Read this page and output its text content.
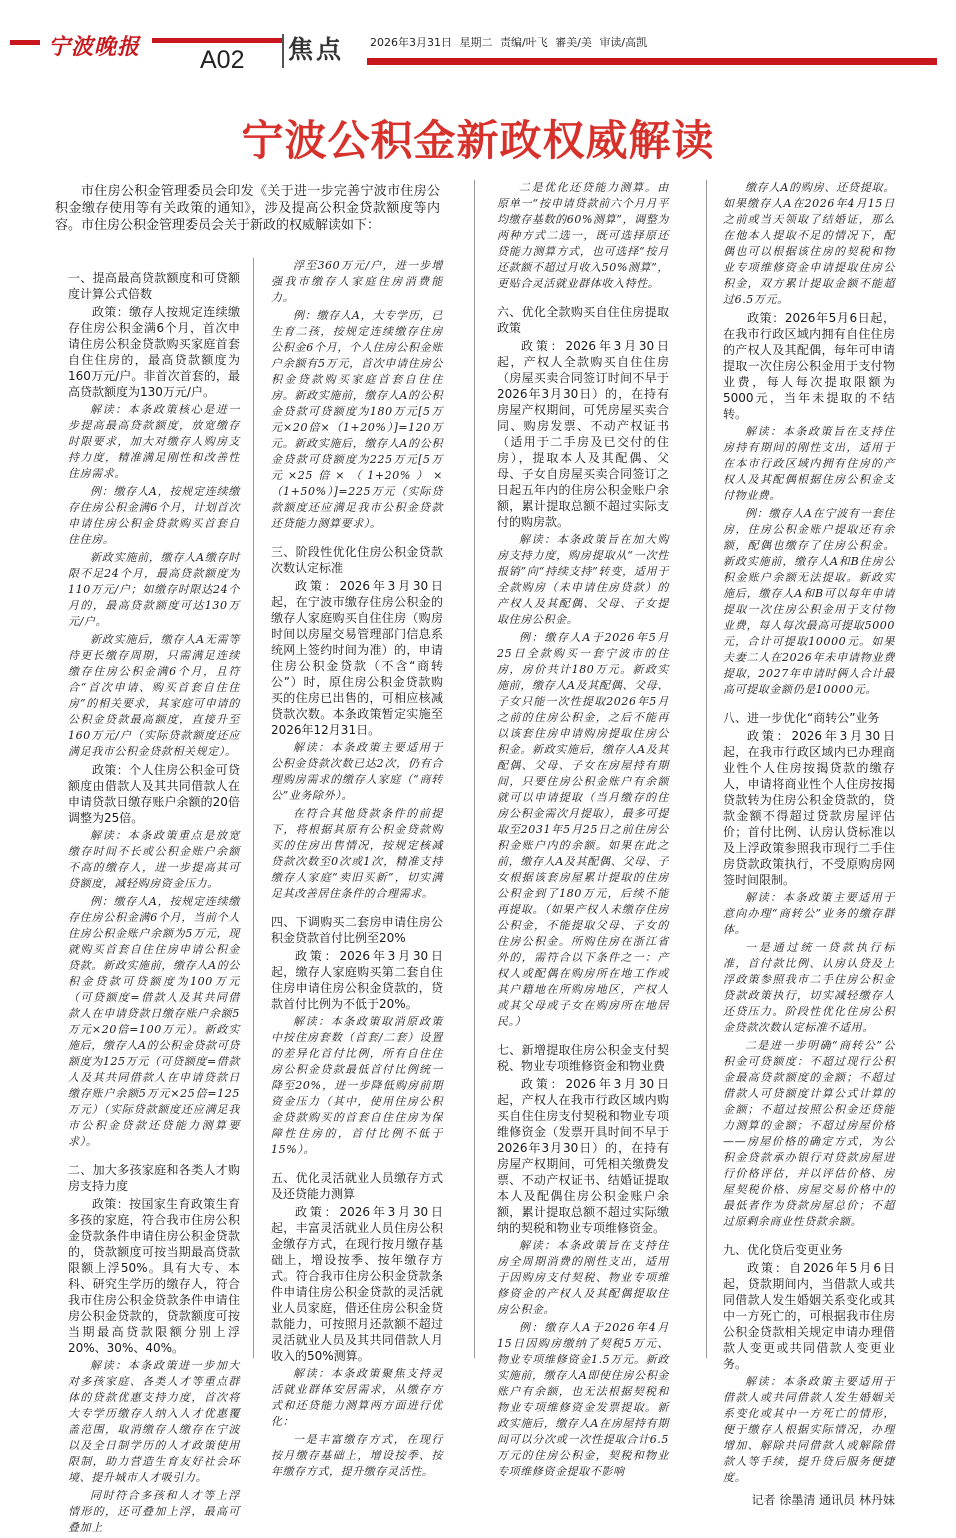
宁波晚报 A02 焦点 2026年3月31日 星期二 责编/叶飞 審美/美 审读/高凯
宁波公积金新政权威解读
市住房公积金管理委员会印发《关于进一步完善宁波市住房公积金缴存使用等有关政策的通知》，涉及提高公积金贷款额度等内容。市住房公积金管理委员会关于新政的权威解读如下：

一、提高最高贷款额度和可贷额度计算公式倍数

政策：缴存人按规定连续缴存住房公积金满6个月，首次申请住房公积金贷款购买家庭首套自住住房的，最高贷款额度为160万元/户。非首次首套的，最高贷款额度为130万元/户。

解读：本条政策核心是进一步提高最高贷款额度，放宽缴存时限要求，加大对缴存人购房支持力度，精准满足刚性和改善性住房需求。

例：缴存人A，按规定连续缴存住房公积金满6个月，计划首次申请住房公积金贷款购买首套自住住房。

新政实施前，缴存人A缴存时限不足24个月，最高贷款额度为110万元/户；如缴存时限达24个月的，最高贷款额度可达130万元/户。

新政实施后，缴存人A无需等待更长缴存周期，只需满足连续缴存住房公积金满6个月，且符合“首次申请、购买首套自住住房”的相关要求，其家庭可申请的公积金贷款最高额度，直接升至160万元/户（实际贷款额度还应满足我市公积金贷款相关规定）。

政策：个人住房公积金可贷额度由借款人及其共同借款人在申请贷款日缴存账户余额的20倍调整为25倍。

解读：本条政策重点是放宽缴存时间不长或公积金账户余额不高的缴存人，进一步提高其可贷额度，减轻购房资金压力。

例：缴存人A，按规定连续缴存住房公积金满6个月，当前个人住房公积金账户余额为5万元，现就购买首套自住住房申请公积金贷款。新政实施前，缴存人A的公积金贷款可贷额度为100万元（可贷额度=借款人及其共同借款人在申请贷款日缴存账户余额5万元×20倍=100万元）。新政实施后，缴存人A的公积金贷款可贷额度为125万元（可贷额度=借款人及其共同借款人在申请贷款日缴存账户余额5万元×25倍=125万元）（实际贷款额度还应满足我市公积金贷款还贷能力测算要求）。

二、加大多孩家庭和各类人才购房支持力度

政策：按国家生育政策生育多孩的家庭，符合我市住房公积金贷款条件申请住房公积金贷款的，贷款额度可按当期最高贷款限额上浮50%。具有大专、本科、研究生学历的缴存人，符合我市住房公积金贷款条件申请住房公积金贷款的，贷款额度可按当期最高贷款限额分别上浮20%、30%、40%。

解读：本条政策进一步加大对多孩家庭、各类人才等重点群体的贷款优惠支持力度，首次将大专学历缴存人纳入人才优惠覆盖范围，取消缴存人缴存在宁波以及全日制学历的人才政策使用限制，助力营造生育友好社会环境、提升城市人才吸引力。

同时符合多孩和人才等上浮情形的，还可叠加上浮，最高可叠加上

浮至360万元/户，进一步增强我市缴存人家庭住房消费能力。

例：缴存人A，大专学历，已生育二孩，按规定连续缴存住房公积金6个月，个人住房公积金账户余额有5万元，首次申请住房公积金贷款购买家庭首套自住住房。新政实施前，缴存人A的公积金贷款可贷额度为180万元[5万元×20倍×（1+20%）]=120万元。新政实施后，缴存人A的公积金贷款可贷额度为225万元[5万元×25倍×（1+20%）×（1+50%）]=225万元（实际贷款额度还应满足我市公积金贷款还贷能力测算要求）。

三、阶段性优化住房公积金贷款次数认定标准

政策：2026年3月30日起，在宁波市缴存住房公积金的缴存人家庭购买自住住房（购房时间以房屋交易管理部门信息系统网上签约时间为准）的，申请住房公积金贷款（不含“商转公”）时，原住房公积金贷款购买的住房已出售的，可相应核减贷款次数。本条政策暂定实施至2026年12月31日。

解读：本条政策主要适用于公积金贷款次数已达2次，仍有合理购房需求的缴存人家庭（“商转公”业务除外）。

在符合其他贷款条件的前提下，将根据其原有公积金贷款购买的住房出售情况，按规定核减贷款次数至0次或1次，精准支持缴存人家庭“卖旧买新”，切实满足其改善居住条件的合理需求。

四、下调购买二套房申请住房公积金贷款首付比例至20%

政策：2026年3月30日起，缴存人家庭购买第二套自住住房申请住房公积金贷款的，贷款首付比例为不低于20%。

解读：本条政策取消原政策中按住房套数（首套/二套）设置的差异化首付比例，所有自住住房公积金贷款最低首付比例统一降至20%，进一步降低购房前期资金压力（其中，使用住房公积金贷款购买的首套自住住房为保障性住房的，首付比例不低于15%）。

五、优化灵活就业人员缴存方式及还贷能力测算

政策：2026年3月30日起，丰富灵活就业人员住房公积金缴存方式，在现行按月缴存基础上，增设按季、按年缴存方式。符合我市住房公积金贷款条件申请住房公积金贷款的灵活就业人员家庭，借还住房公积金贷款能力，可按照月还款额不超过灵活就业人员及其共同借款人月收入的50%测算。

解读：本条政策聚焦支持灵活就业群体安居需求，从缴存方式和还贷能力测算两方面进行优化：

一是丰富缴存方式，在现行按月缴存基础上，增设按季、按年缴存方式，提升缴存灵活性。

二是优化还贷能力测算。由原单一“按申请贷款前六个月月平均缴存基数的60%测算”，调整为两种方式二选一，既可选择原还贷能力测算方式，也可选择“按月还款额不超过月收入50%测算”，更贴合灵活就业群体收入特性。

六、优化全款购买自住住房提取政策

政策：2026年3月30日起，产权人全款购买自住住房（房屋买卖合同签订时间不早于2026年3月30日）的，在持有房屋产权期间，可凭房屋买卖合同、购房发票、不动产权证书（适用于二手房及已交付的住房），提取本人及其配偶、父母、子女自房屋买卖合同签订之日起五年内的住房公积金账户余额，累计提取总额不超过实际支付的购房款。

解读：本条政策旨在加大购房支持力度，购房提取从“一次性报销”向“持续支持”转变，适用于全款购房（未申请住房贷款）的产权人及其配偶、父母、子女提取住房公积金。

例：缴存人A于2026年5月25日全款购买一套宁波市的住房，房价共计180万元。新政实施前，缴存人A及其配偶、父母、子女只能一次性提取2026年5月之前的住房公积金，之后不能再以该套住房申请购房提取住房公积金。新政实施后，缴存人A及其配偶、父母、子女在房屋持有期间，只要住房公积金账户有余额就可以申请提取（当月缴存的住房公积金需次月提取），最多可提取至2031年5月25日之前住房公积金账户内的余额。如果在此之前，缴存人A及其配偶、父母、子女根据该套房屋累计提取的住房公积金到了180万元，后续不能再提取。（如果产权人未缴存住房公积金，不能提取父母、子女的住房公积金。所购住房在浙江省外的，需符合以下条件之一：产权人或配偶在购房所在地工作或其户籍地在所购房地区，产权人或其父母或子女在购房所在地居民。）

七、新增提取住房公积金支付契税、物业专项维修资金和物业费

政策：2026年3月30日起，产权人在我市行政区域内购买自住住房支付契税和物业专项维修资金（发票开具时间不早于2026年3月30日）的，在持有房屋产权期间，可凭相关缴费发票、不动产权证书、结婚证提取本人及配偶住房公积金账户余额，累计提取总额不超过实际缴纳的契税和物业专项维修资金。

解读：本条政策旨在支持住房全周期消费的刚性支出，适用于因购房支付契税、物业专项维修资金的产权人及其配偶提取住房公积金。

例：缴存人A于2026年4月15日因购房缴纳了契税5万元、物业专项维修资金1.5万元。新政实施前，缴存人A即使住房公积金账户有余额，也无法根据契税和物业专项维修资金发票提取。新政实施后，缴存人A在房屋持有期间可以分次或一次性提取合计6.5万元的住房公积金，契税和物业专项维修资金提取不影响

缴存人A的购房、还贷提取。如果缴存人A在2026年4月15日之前或当天领取了结婚证，那么在他本人提取不足的情况下，配偶也可以根据该住房的契税和物业专项维修资金申请提取住房公积金，双方累计提取金额不能超过6.5万元。

政策：2026年5月6日起，在我市行政区域内拥有自住住房的产权人及其配偶，每年可申请提取一次住房公积金用于支付物业费，每人每次提取限额为5000元，当年未提取的不结转。

解读：本条政策旨在支持住房持有期间的刚性支出，适用于在本市行政区域内拥有住房的产权人及其配偶根据住房公积金支付物业费。

例：缴存人A在宁波有一套住房，住房公积金账户提取还有余额，配偶也缴存了住房公积金。新政实施前，缴存人A和B住房公积金账户余额无法提取。新政实施后，缴存人A和B可以每年申请提取一次住房公积金用于支付物业费，每人每次最高可提取5000元，合计可提取10000元。如果夫妻二人在2026年未申请物业费提取，2027年申请时俩人合计最高可提取金额仍是10000元。

八、进一步优化“商转公”业务

政策：2026年3月30日起，在我市行政区域内已办理商业性个人住房按揭贷款的缴存人，申请将商业性个人住房按揭贷款转为住房公积金贷款的，贷款金额不得超过贷款房屋评估价；首付比例、认房认贷标准以及上浮政策参照我市现行二手住房贷款政策执行，不受原购房网签时间限制。

解读：本条政策主要适用于意向办理“商转公”业务的缴存群体。

一是通过统一贷款执行标准，首付款比例、认房认贷及上浮政策参照我市二手住房公积金贷款政策执行，切实减轻缴存人还贷压力。阶段性优化住房公积金贷款次数认定标准不适用。

二是进一步明确“商转公”公积金可贷额度：不超过现行公积金最高贷款额度的金额；不超过借款人可贷额度计算公式计算的金额；不超过按照公积金还贷能力测算的金额；不超过房屋价格——房屋价格的确定方式，为公积金贷款承办银行对贷款房屋进行价格评估，并以评估价格、房屋契税价格、房屋交易价格中的最低者作为贷款房屋总价；不超过原剩余商业性贷款余额。

九、优化贷后变更业务

政策：自2026年5月6日起，贷款期间内，当借款人或共同借款人发生婚姻关系变化或其中一方死亡的，可根据我市住房公积金贷款相关规定申请办理借款人变更或共同借款人变更业务。

解读：本条政策主要适用于借款人或共同借款人发生婚姻关系变化或其中一方死亡的情形，便于缴存人根据实际情况，办理增加、解除共同借款人或解除借款人等手续，提升贷后服务便捷度。

记者 徐墨清 通讯员 林丹妹
